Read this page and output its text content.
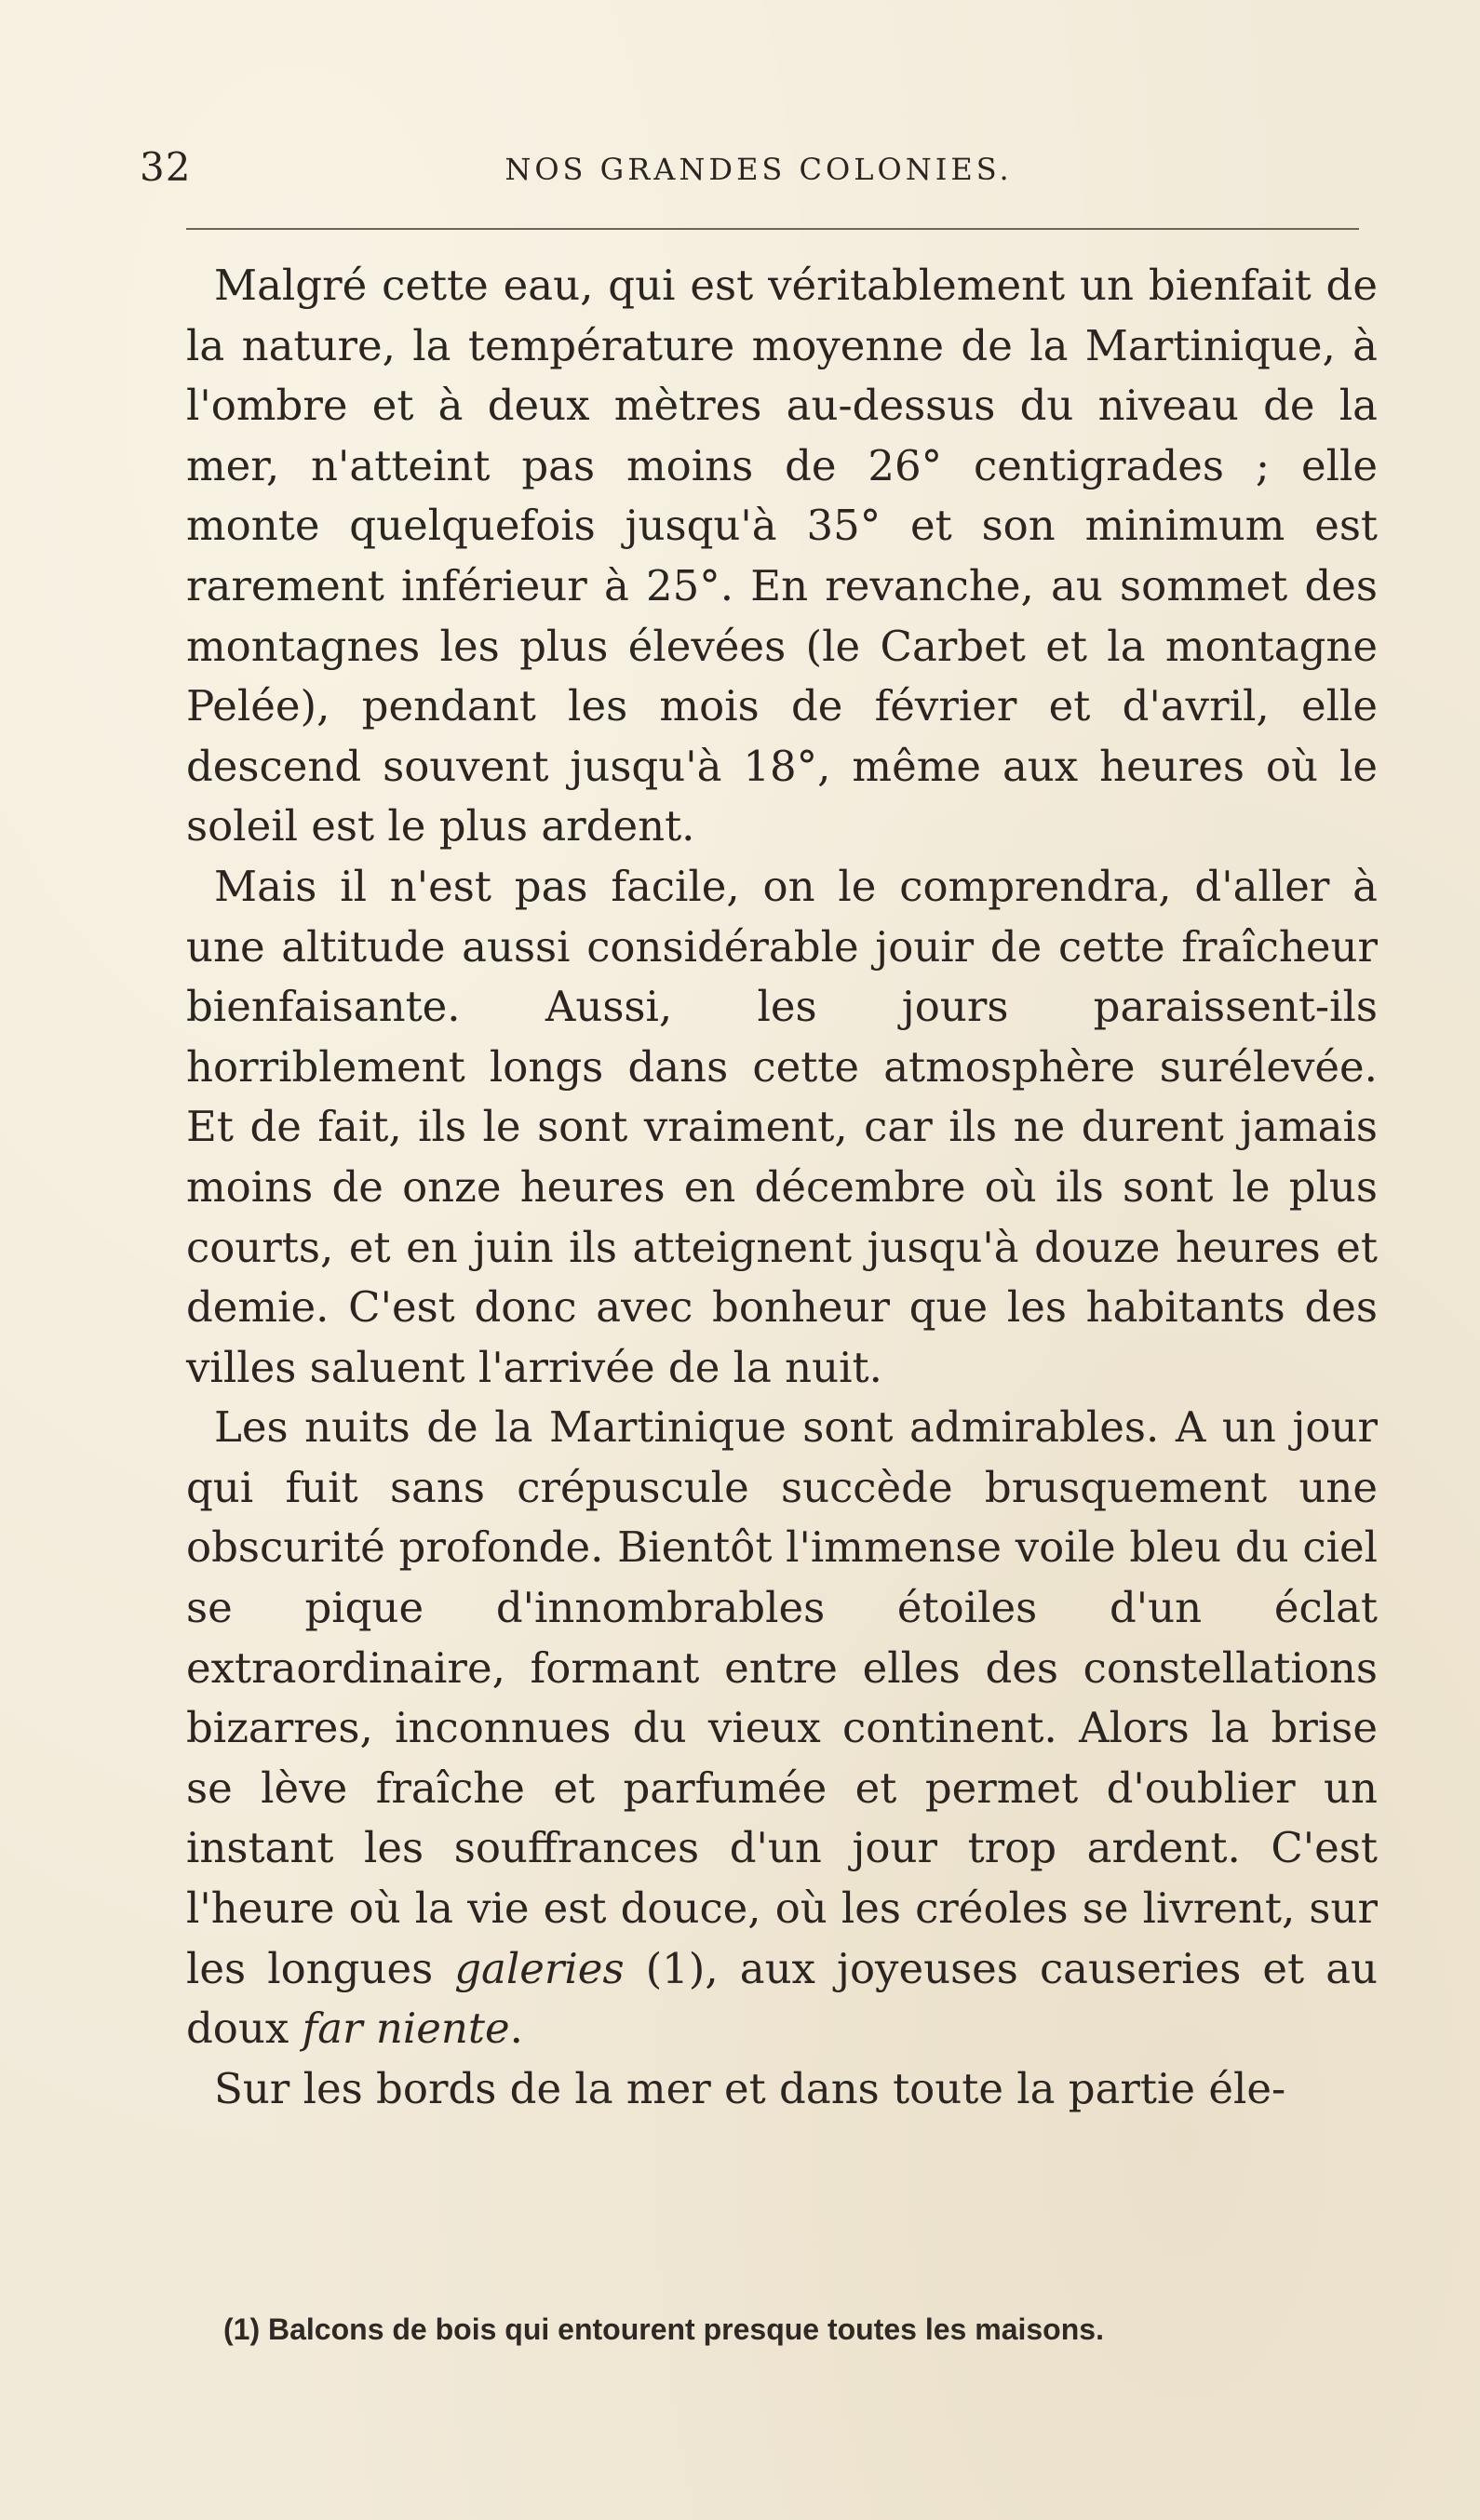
32	NOS GRANDES COLONIES.

Malgré cette eau, qui est véritablement un bienfait de la nature, la température moyenne de la Martinique, à l'ombre et à deux mètres au-dessus du niveau de la mer, n'atteint pas moins de 26° centigrades ; elle monte quelquefois jusqu'à 35° et son minimum est rarement inférieur à 25°. En revanche, au sommet des montagnes les plus élevées (le Carbet et la montagne Pelée), pendant les mois de février et d'avril, elle descend souvent jusqu'à 18°, même aux heures où le soleil est le plus ardent.

Mais il n'est pas facile, on le comprendra, d'aller à une altitude aussi considérable jouir de cette fraîcheur bienfaisante. Aussi, les jours paraissent-ils horriblement longs dans cette atmosphère surélevée. Et de fait, ils le sont vraiment, car ils ne durent jamais moins de onze heures en décembre où ils sont le plus courts, et en juin ils atteignent jusqu'à douze heures et demie. C'est donc avec bonheur que les habitants des villes saluent l'arrivée de la nuit.

Les nuits de la Martinique sont admirables. A un jour qui fuit sans crépuscule succède brusquement une obscurité profonde. Bientôt l'immense voile bleu du ciel se pique d'innombrables étoiles d'un éclat extraordinaire, formant entre elles des constellations bizarres, inconnues du vieux continent. Alors la brise se lève fraîche et parfumée et permet d'oublier un instant les souffrances d'un jour trop ardent. C'est l'heure où la vie est douce, où les créoles se livrent, sur les longues galeries (1), aux joyeuses causeries et au doux far niente.

Sur les bords de la mer et dans toute la partie éle-

(1) Balcons de bois qui entourent presque toutes les maisons.
